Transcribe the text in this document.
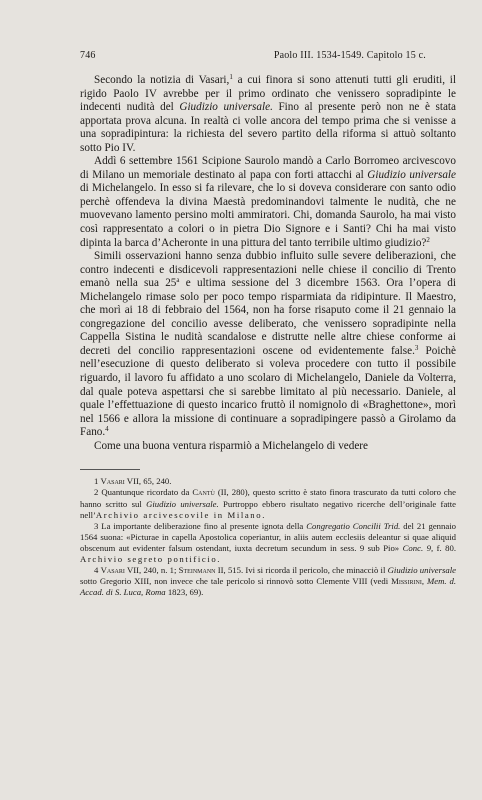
746	Paolo III. 1534-1549. Capitolo 15 c.

Secondo la notizia di Vasari,$^1$ a cui finora si sono attenuti tutti gli eruditi, il rigido Paolo IV avrebbe per il primo ordinato che venissero sopradipinte le indecenti nudità del Giudizio universale. Fino al presente però non ne è stata apportata prova alcuna. In realtà ci volle ancora del tempo prima che si venisse a una sopradipintura: la richiesta del severo partito della riforma si attuò soltanto sotto Pio IV.

Addì 6 settembre 1561 Scipione Saurolo mandò a Carlo Borromeo arcivescovo di Milano un memoriale destinato al papa con forti attacchi al Giudizio universale di Michelangelo. In esso si fa rilevare, che lo si doveva considerare con santo odio perchè offendeva la divina Maestà predominandovi talmente le nudità, che ne muovevano lamento persino molti ammiratori. Chi, domanda Saurolo, ha mai visto così rappresentato a colori o in pietra Dio Signore e i Santi? Chi ha mai visto dipinta la barca d’Acheronte in una pittura del tanto terribile ultimo giudizio?$^2$

Simili osservazioni hanno senza dubbio influito sulle severe deliberazioni, che contro indecenti e disdicevoli rappresentazioni nelle chiese il concilio di Trento emanò nella sua 25$^a$ e ultima sessione del 3 dicembre 1563. Ora l’opera di Michelangelo rimase solo per poco tempo risparmiata da ridipinture. Il Maestro, che morì ai 18 di febbraio del 1564, non ha forse risaputo come il 21 gennaio la congregazione del concilio avesse deliberato, che venissero sopradipinte nella Cappella Sistina le nudità scandalose e distrutte nelle altre chiese conforme ai decreti del concilio rappresentazioni oscene od evidentemente false.$^3$ Poichè nell’esecuzione di questo deliberato si voleva procedere con tutto il possibile riguardo, il lavoro fu affidato a uno scolaro di Michelangelo, Daniele da Volterra, dal quale poteva aspettarsi che si sarebbe limitato al più necessario. Daniele, al quale l’effettuazione di questo incarico fruttò il nomignolo di «Braghettone», morì nel 1566 e allora la missione di continuare a sopradipingere passò a Girolamo da Fano.$^4$

Come una buona ventura risparmiò a Michelangelo di vedere

1 Vasari VII, 65, 240.

2 Quantunque ricordato da Cantù (II, 280), questo scritto è stato finora trascurato da tutti coloro che hanno scritto sul Giudizio universale. Purtroppo ebbero risultato negativo ricerche dell’originale fatte nell’Archivio arcivescovile in Milano.

3 La importante deliberazione fino al presente ignota della Congregatio Concilii Trid. del 21 gennaio 1564 suona: «Picturae in capella Apostolica coperiantur, in aliis autem ecclesiis deleantur si quae aliquid obscenum aut evidenter falsum ostendant, iuxta decretum secundum in sess. 9 sub Pio» Conc. 9, f. 80. Archivio segreto pontificio.

4 Vasari VII, 240, n. 1; Steinmann II, 515. Ivi si ricorda il pericolo, che minacciò il Giudizio universale sotto Gregorio XIII, non invece che tale pericolo si rinnovò sotto Clemente VIII (vedi Missirini, Mem. d. Accad. di S. Luca, Roma 1823, 69).
